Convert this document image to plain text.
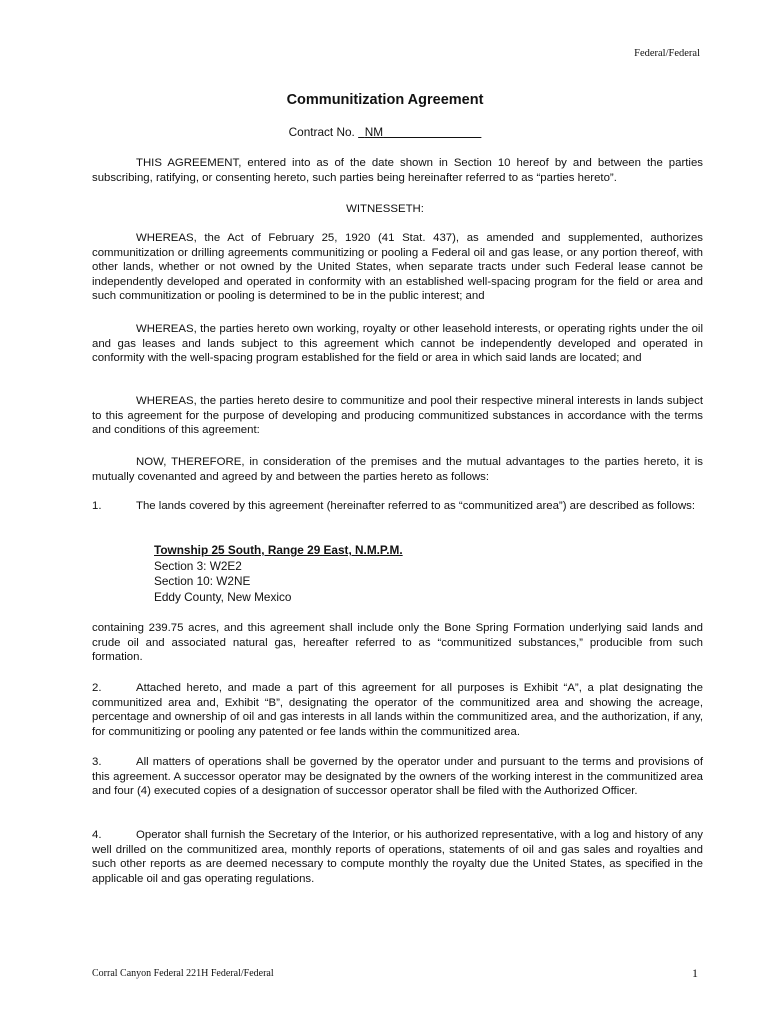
Federal/Federal
Communitization Agreement
Contract No. NM

THIS AGREEMENT, entered into as of the date shown in Section 10 hereof by and between the parties subscribing, ratifying, or consenting hereto, such parties being hereinafter referred to as “parties hereto”.

WITNESSETH:

WHEREAS, the Act of February 25, 1920 (41 Stat. 437), as amended and supplemented, authorizes communitization or drilling agreements communitizing or pooling a Federal oil and gas lease, or any portion thereof, with other lands, whether or not owned by the United States, when separate tracts under such Federal lease cannot be independently developed and operated in conformity with an established well-spacing program for the field or area and such communitization or pooling is determined to be in the public interest; and

WHEREAS, the parties hereto own working, royalty or other leasehold interests, or operating rights under the oil and gas leases and lands subject to this agreement which cannot be independently developed and operated in conformity with the well-spacing program established for the field or area in which said lands are located; and

WHEREAS, the parties hereto desire to communitize and pool their respective mineral interests in lands subject to this agreement for the purpose of developing and producing communitized substances in accordance with the terms and conditions of this agreement:

NOW, THEREFORE, in consideration of the premises and the mutual advantages to the parties hereto, it is mutually covenanted and agreed by and between the parties hereto as follows:

1.	The lands covered by this agreement (hereinafter referred to as “communitized area”) are described as follows:

Township 25 South, Range 29 East, N.M.P.M.
Section 3: W2E2
Section 10: W2NE
Eddy County, New Mexico

containing 239.75 acres, and this agreement shall include only the Bone Spring Formation underlying said lands and crude oil and associated natural gas, hereafter referred to as “communitized substances,” producible from such formation.

2.	Attached hereto, and made a part of this agreement for all purposes is Exhibit “A”, a plat designating the communitized area and, Exhibit “B”, designating the operator of the communitized area and showing the acreage, percentage and ownership of oil and gas interests in all lands within the communitized area, and the authorization, if any, for communitizing or pooling any patented or fee lands within the communitized area.

3.	All matters of operations shall be governed by the operator under and pursuant to the terms and provisions of this agreement. A successor operator may be designated by the owners of the working interest in the communitized area and four (4) executed copies of a designation of successor operator shall be filed with the Authorized Officer.

4.	Operator shall furnish the Secretary of the Interior, or his authorized representative, with a log and history of any well drilled on the communitized area, monthly reports of operations, statements of oil and gas sales and royalties and such other reports as are deemed necessary to compute monthly the royalty due the United States, as specified in the applicable oil and gas operating regulations.

Corral Canyon Federal 221H Federal/Federal	1
